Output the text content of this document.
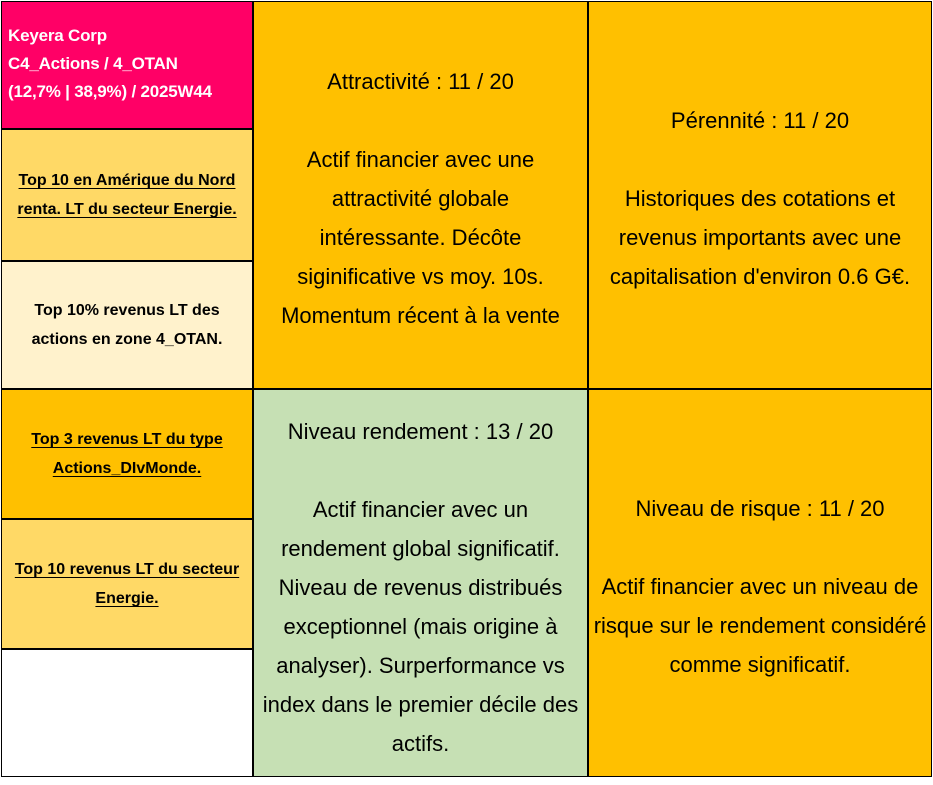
Keyera Corp
C4_Actions / 4_OTAN
(12,7% | 38,9%) / 2025W44
Top 10 en Amérique du Nord renta. LT du secteur Energie.
Top 10% revenus LT des actions en zone 4_OTAN.
Top 3 revenus LT du type Actions_DIvMonde.
Top 10 revenus LT du secteur Energie.
Attractivité : 11 / 20
Actif financier avec une attractivité globale intéressante. Décôte siginificative vs moy. 10s. Momentum récent à la vente
Pérennité : 11 / 20
Historiques des cotations et revenus importants avec une capitalisation d'environ 0.6 G€.
Niveau rendement : 13 / 20
Actif financier avec un rendement global significatif. Niveau de revenus distribués exceptionnel (mais origine à analyser). Surperformance vs index dans le premier décile des actifs.
Niveau de risque : 11 / 20
Actif financier avec un niveau de risque sur le rendement considéré comme significatif.
